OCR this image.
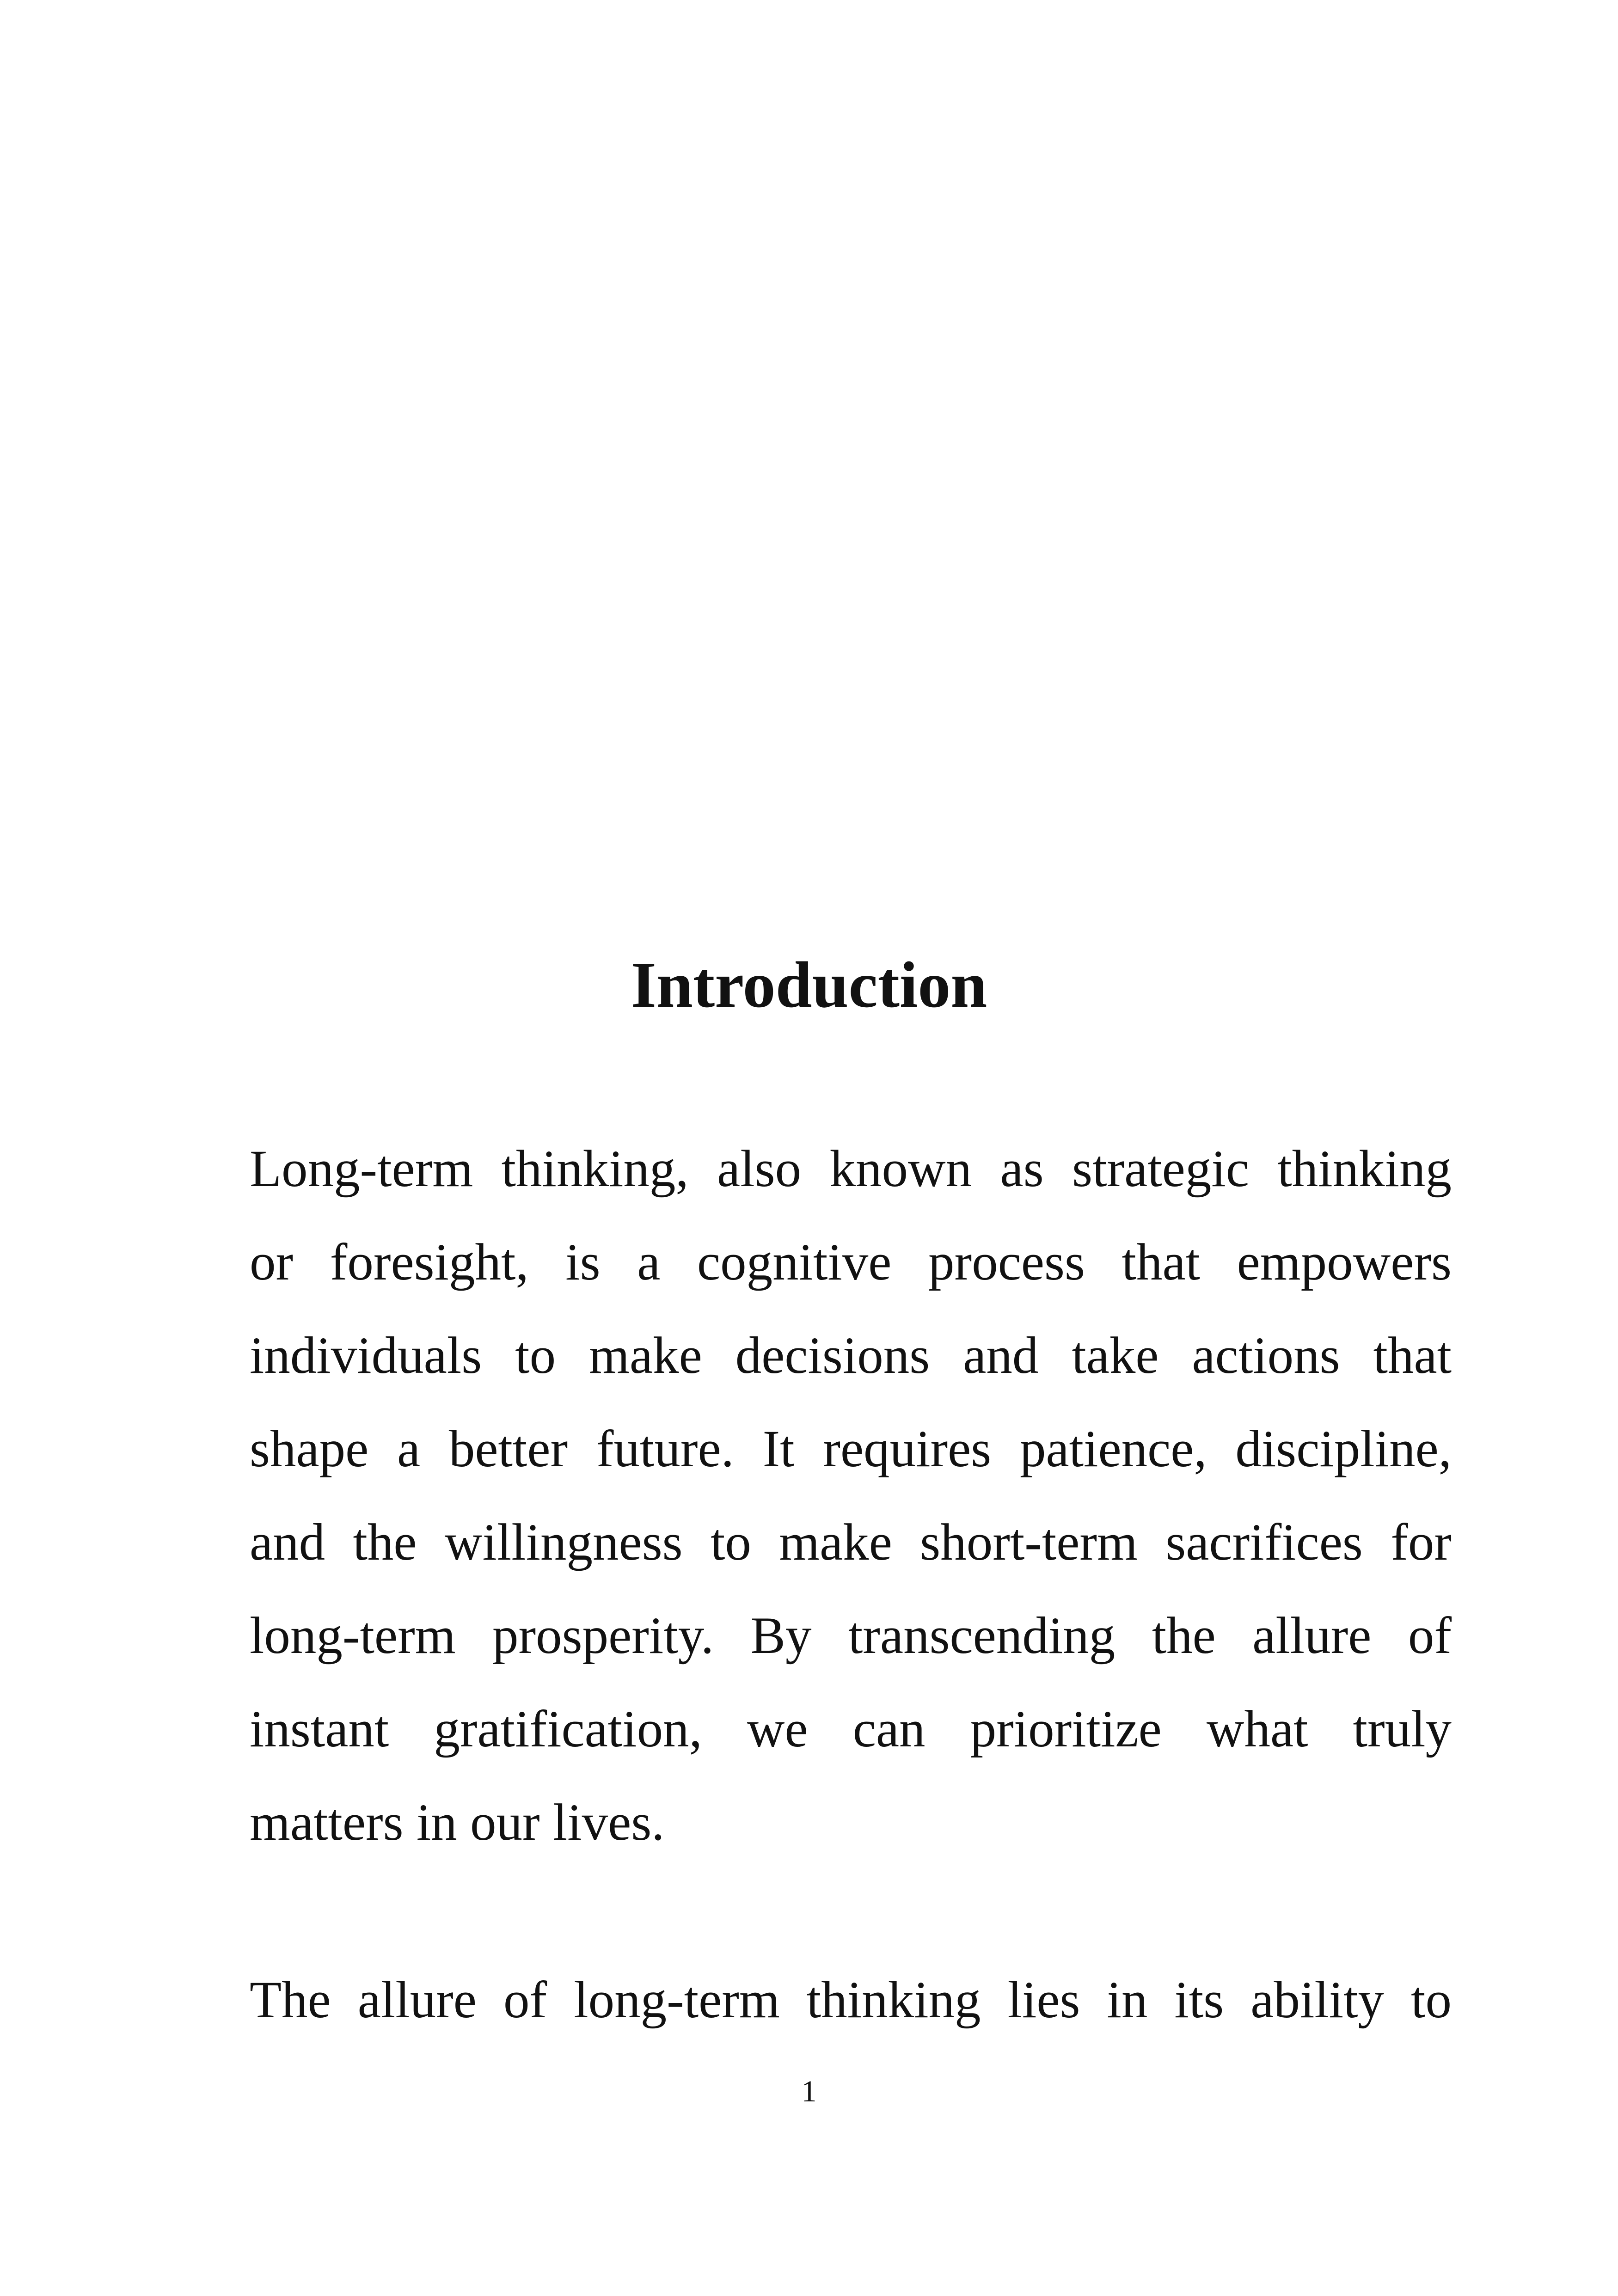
Introduction
Long-term thinking, also known as strategic thinking
or foresight, is a cognitive process that empowers
individuals to make decisions and take actions that
shape a better future. It requires patience, discipline,
and the willingness to make short-term sacrifices for
long-term prosperity. By transcending the allure of
instant gratification, we can prioritize what truly
matters in our lives.
The allure of long-term thinking lies in its ability to
1
